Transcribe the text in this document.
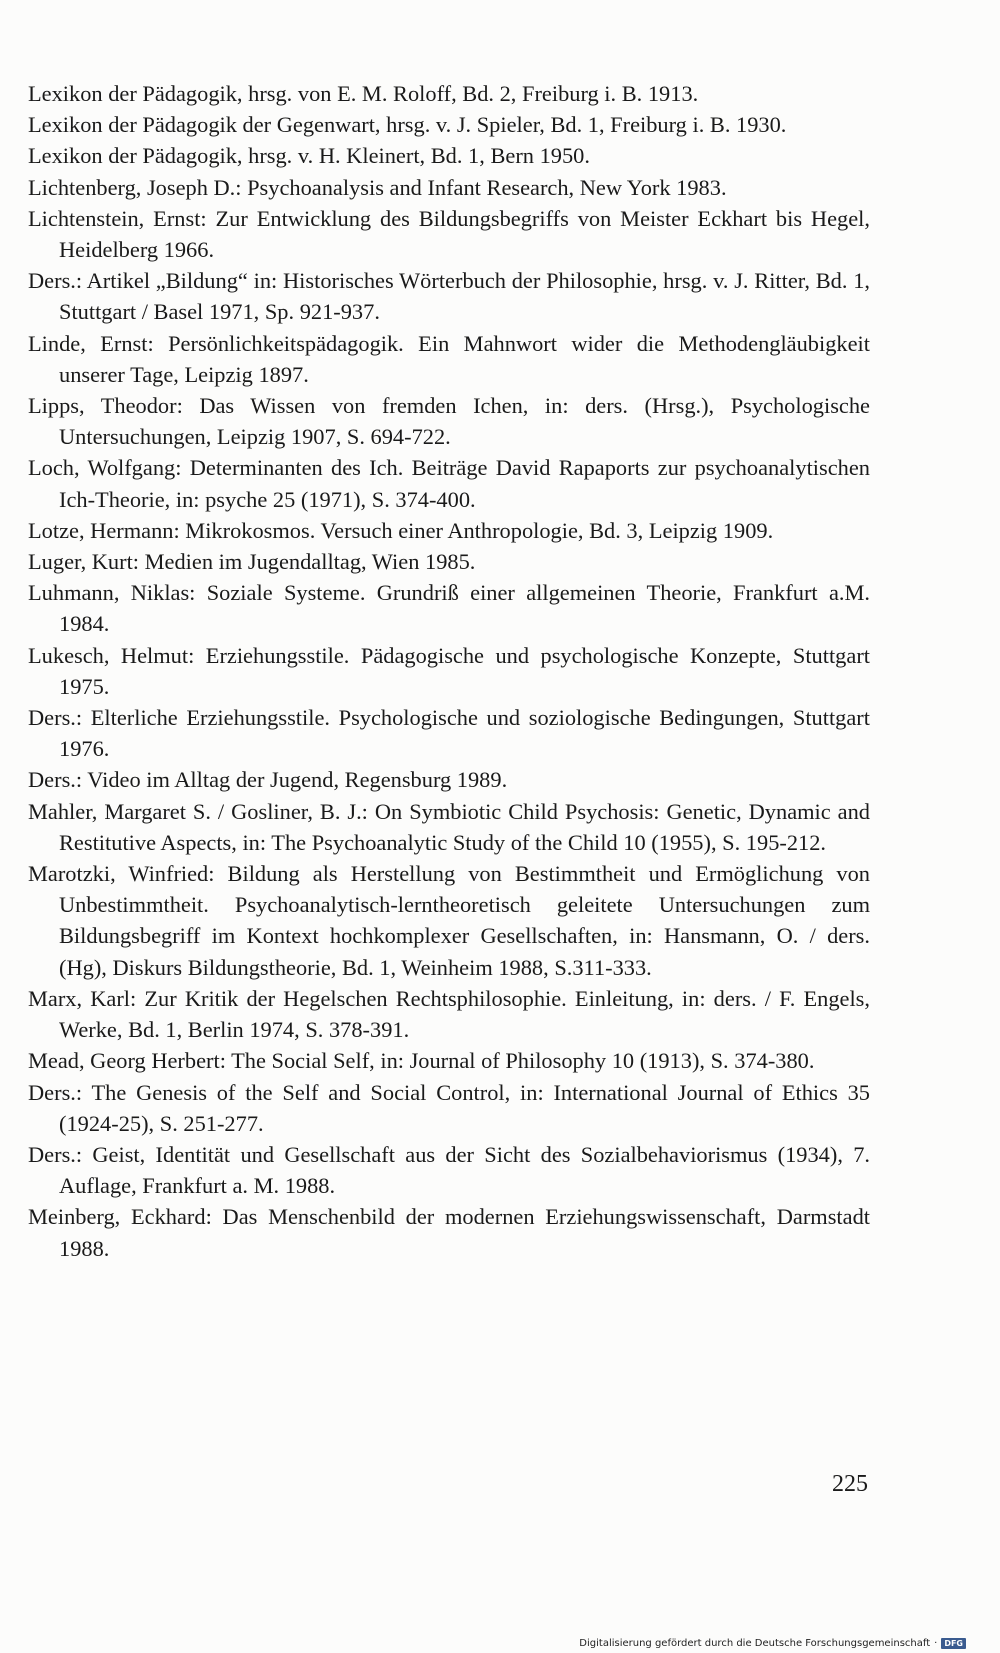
Lexikon der Pädagogik, hrsg. von E. M. Roloff, Bd. 2, Freiburg i. B. 1913.
Lexikon der Pädagogik der Gegenwart, hrsg. v. J. Spieler, Bd. 1, Freiburg i. B. 1930.
Lexikon der Pädagogik, hrsg. v. H. Kleinert, Bd. 1, Bern 1950.
Lichtenberg, Joseph D.: Psychoanalysis and Infant Research, New York 1983.
Lichtenstein, Ernst: Zur Entwicklung des Bildungsbegriffs von Meister Eckhart bis Hegel, Heidelberg 1966.
Ders.: Artikel „Bildung“ in: Historisches Wörterbuch der Philosophie, hrsg. v. J. Ritter, Bd. 1, Stuttgart / Basel 1971, Sp. 921-937.
Linde, Ernst: Persönlichkeitspädagogik. Ein Mahnwort wider die Methodengläubigkeit unserer Tage, Leipzig 1897.
Lipps, Theodor: Das Wissen von fremden Ichen, in: ders. (Hrsg.), Psychologische Untersuchungen, Leipzig 1907, S. 694-722.
Loch, Wolfgang: Determinanten des Ich. Beiträge David Rapaports zur psychoanalytischen Ich-Theorie, in: psyche 25 (1971), S. 374-400.
Lotze, Hermann: Mikrokosmos. Versuch einer Anthropologie, Bd. 3, Leipzig 1909.
Luger, Kurt: Medien im Jugendalltag, Wien 1985.
Luhmann, Niklas: Soziale Systeme. Grundriß einer allgemeinen Theorie, Frankfurt a.M. 1984.
Lukesch, Helmut: Erziehungsstile. Pädagogische und psychologische Konzepte, Stuttgart 1975.
Ders.: Elterliche Erziehungsstile. Psychologische und soziologische Bedingungen, Stuttgart 1976.
Ders.: Video im Alltag der Jugend, Regensburg 1989.
Mahler, Margaret S. / Gosliner, B. J.: On Symbiotic Child Psychosis: Genetic, Dynamic and Restitutive Aspects, in: The Psychoanalytic Study of the Child 10 (1955), S. 195-212.
Marotzki, Winfried: Bildung als Herstellung von Bestimmtheit und Ermöglichung von Unbestimmtheit. Psychoanalytisch-lerntheoretisch geleitete Untersuchungen zum Bildungsbegriff im Kontext hochkomplexer Gesellschaften, in: Hansmann, O. / ders. (Hg), Diskurs Bildungstheorie, Bd. 1, Weinheim 1988, S.311-333.
Marx, Karl: Zur Kritik der Hegelschen Rechtsphilosophie. Einleitung, in: ders. / F. Engels, Werke, Bd. 1, Berlin 1974, S. 378-391.
Mead, Georg Herbert: The Social Self, in: Journal of Philosophy 10 (1913), S. 374-380.
Ders.: The Genesis of the Self and Social Control, in: International Journal of Ethics 35 (1924-25), S. 251-277.
Ders.: Geist, Identität und Gesellschaft aus der Sicht des Sozialbehaviorismus (1934), 7. Auflage, Frankfurt a. M. 1988.
Meinberg, Eckhard: Das Menschenbild der modernen Erziehungswissenschaft, Darmstadt 1988.
225
Digitalisierung gefördert durch die Deutsche Forschungsgemeinschaft · DFG
